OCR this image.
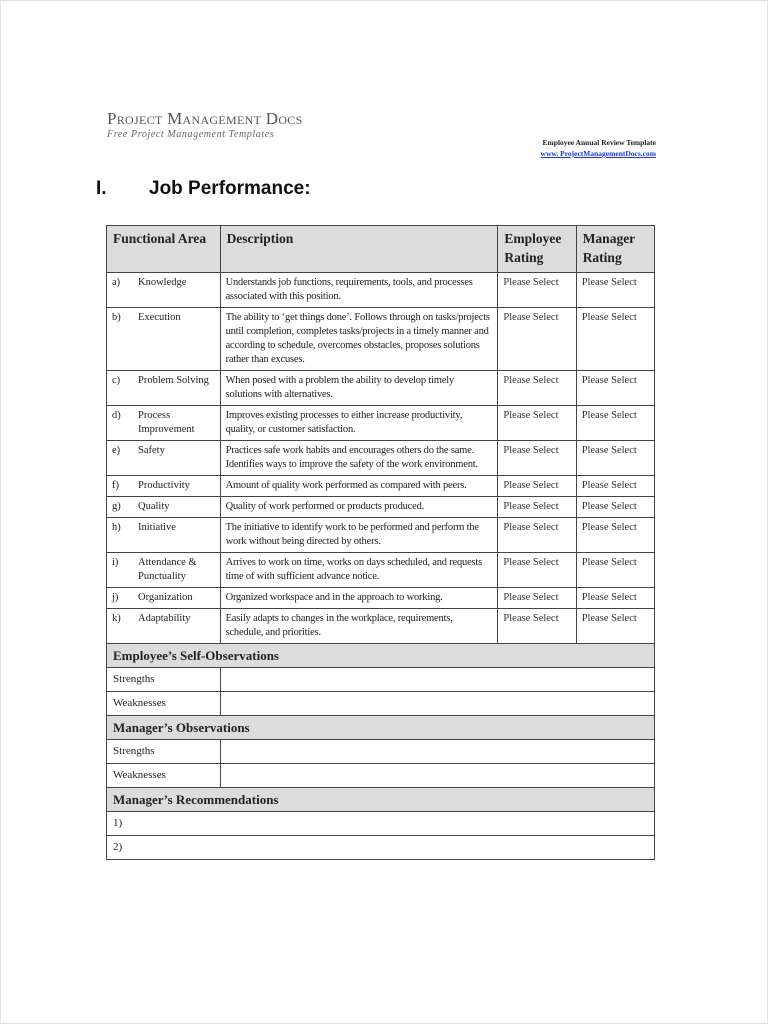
Project Management Docs
Free Project Management Templates
Employee Annual Review Template
www. ProjectManagementDocs.com
I. Job Performance:
Functional Area	Description	Employee Rating	Manager Rating

a) Knowledge	Understands job functions, requirements, tools, and processes associated with this position.	Please Select	Please Select

b) Execution	The ability to ‘get things done’. Follows through on tasks/projects until completion, completes tasks/projects in a timely manner and according to schedule, overcomes obstacles, proposes solutions rather than excuses.	Please Select	Please Select

c) Problem Solving	When posed with a problem the ability to develop timely solutions with alternatives.	Please Select	Please Select

d) Process Improvement	Improves existing processes to either increase productivity, quality, or customer satisfaction.	Please Select	Please Select

e) Safety	Practices safe work habits and encourages others do the same. Identifies ways to improve the safety of the work environment.	Please Select	Please Select

f) Productivity	Amount of quality work performed as compared with peers.	Please Select	Please Select

g) Quality	Quality of work performed or products produced.	Please Select	Please Select

h) Initiative	The initiative to identify work to be performed and perform the work without being directed by others.	Please Select	Please Select

i) Attendance & Punctuality	Arrives to work on time, works on days scheduled, and requests time of with sufficient advance notice.	Please Select	Please Select

j) Organization	Organized workspace and in the approach to working.	Please Select	Please Select

k) Adaptability	Easily adapts to changes in the workplace, requirements, schedule, and priorities.	Please Select	Please Select
Employee’s Self-Observations			
Strengths			
Weaknesses			
Manager’s Observations			
Strengths			
Weaknesses			
Manager’s Recommendations			
1)			
2)			
